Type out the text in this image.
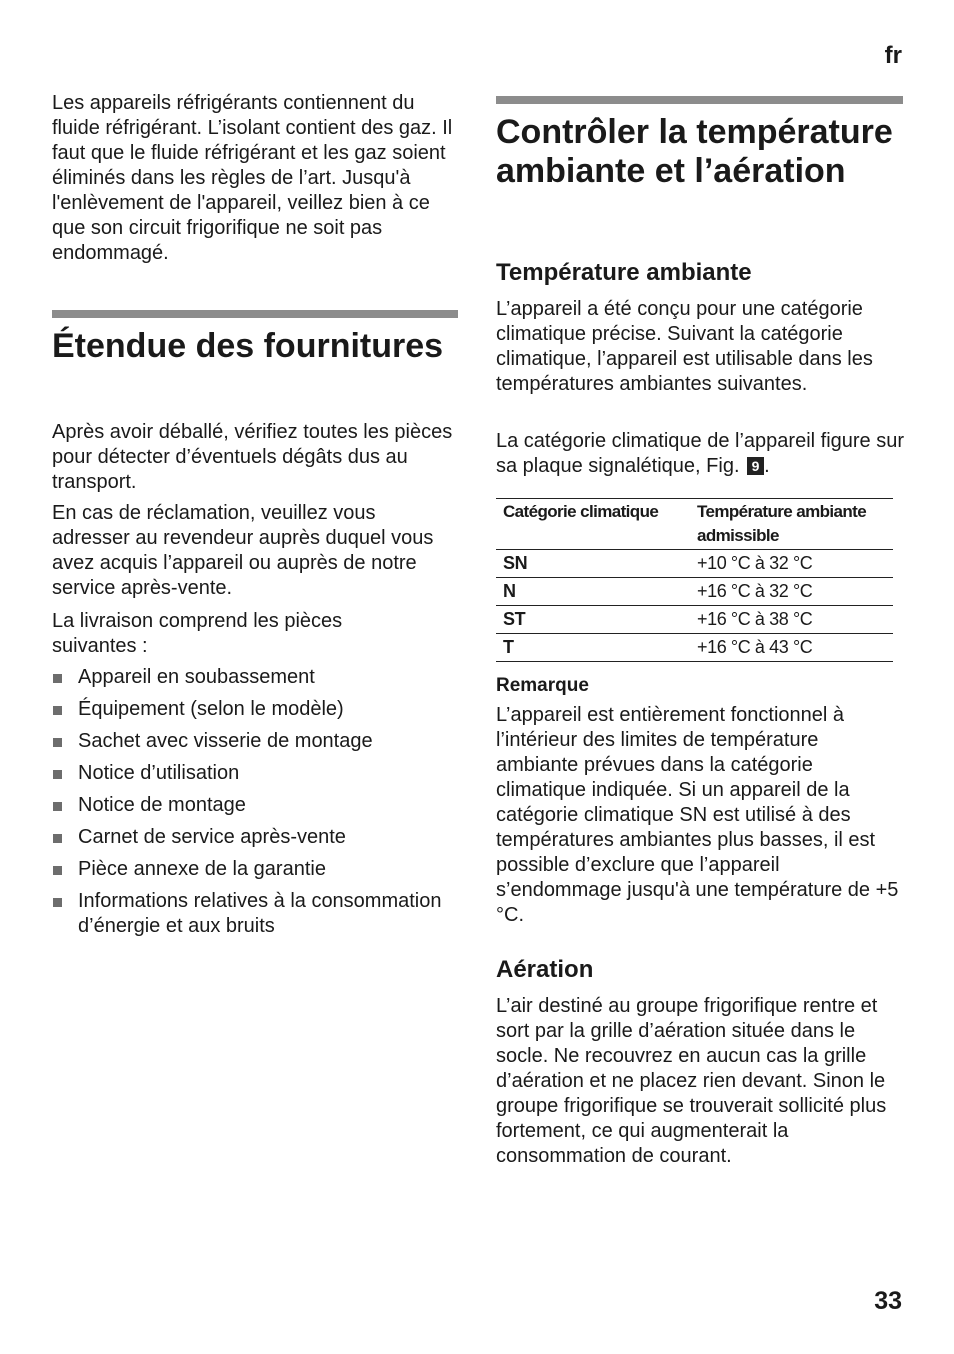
fr

Les appareils réfrigérants contiennent du fluide réfrigérant. L’isolant contient des gaz. Il faut que le fluide réfrigérant et les gaz soient éliminés dans les règles de l’art. Jusqu'à l'enlèvement de l'appareil, veillez bien à ce que son circuit frigorifique ne soit pas endommagé.

Étendue des fournitures

Après avoir déballé, vérifiez toutes les pièces pour détecter d’éventuels dégâts dus au transport.

En cas de réclamation, veuillez vous adresser au revendeur auprès duquel vous avez acquis l’appareil ou auprès de notre service après-vente.

La livraison comprend les pièces suivantes :

Appareil en soubassement
Équipement (selon le modèle)
Sachet avec visserie de montage
Notice d’utilisation
Notice de montage
Carnet de service après-vente
Pièce annexe de la garantie
Informations relatives à la consommation d’énergie et aux bruits
Contrôler la température ambiante et l’aération
Température ambiante

L’appareil a été conçu pour une catégorie climatique précise. Suivant la catégorie climatique, l’appareil est utilisable dans les températures ambiantes suivantes.

La catégorie climatique de l’appareil figure sur sa plaque signalétique, Fig. 9 .

Catégorie climatique	Température ambiante admissible
SN	+10 °C à 32 °C
N	+16 °C à 32 °C
ST	+16 °C à 38 °C
T	+16 °C à 43 °C
Remarque

L’appareil est entièrement fonctionnel à l’intérieur des limites de température ambiante prévues dans la catégorie climatique indiquée. Si un appareil de la catégorie climatique SN est utilisé à des températures ambiantes plus basses, il est possible d’exclure que l’appareil s’endommage jusqu'à une température de +5 °C.

Aération

L’air destiné au groupe frigorifique rentre et sort par la grille d’aération située dans le socle. Ne recouvrez en aucun cas la grille d’aération et ne placez rien devant. Sinon le groupe frigorifique se trouverait sollicité plus fortement, ce qui augmenterait la consommation de courant.

33
